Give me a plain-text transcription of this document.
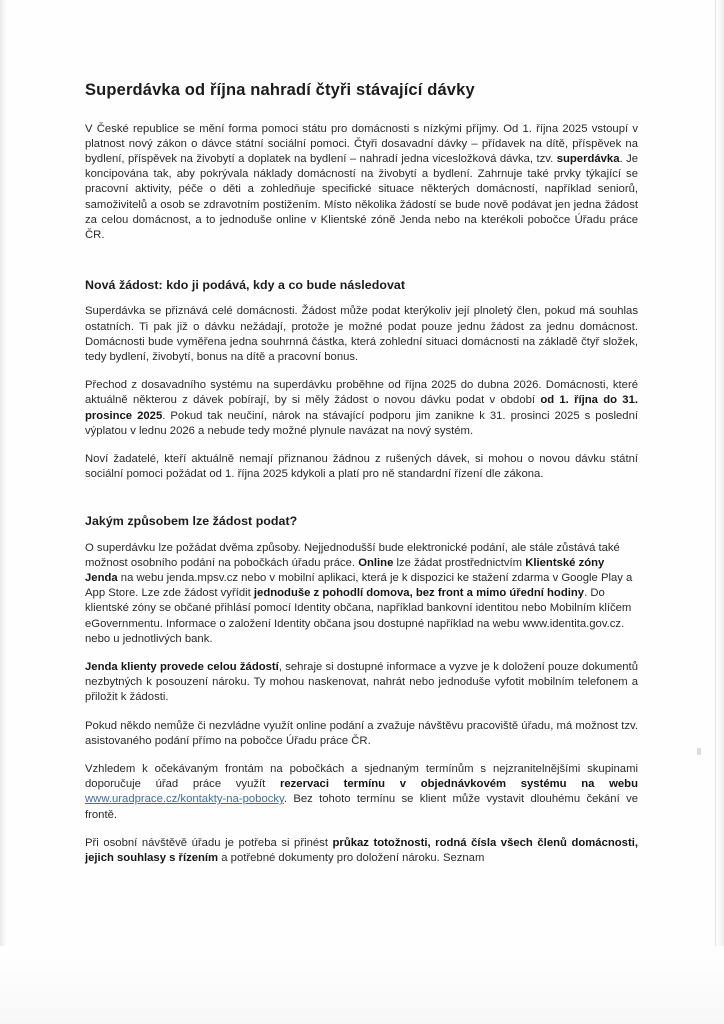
Superdávka od října nahradí čtyři stávající dávky

V České republice se mění forma pomoci státu pro domácnosti s nízkými příjmy. Od 1. října 2025 vstoupí v platnost nový zákon o dávce státní sociální pomoci. Čtyři dosavadní dávky – přídavek na dítě, příspěvek na bydlení, příspěvek na živobytí a doplatek na bydlení – nahradí jedna vicesložková dávka, tzv. superdávka. Je koncipována tak, aby pokrývala náklady domácností na živobytí a bydlení. Zahrnuje také prvky týkající se pracovní aktivity, péče o děti a zohledňuje specifické situace některých domácností, například seniorů, samoživitelů a osob se zdravotním postižením. Místo několika žádostí se bude nově podávat jen jedna žádost za celou domácnost, a to jednoduše online v Klientské zóně Jenda nebo na kterékoli pobočce Úřadu práce ČR.

Nová žádost: kdo ji podává, kdy a co bude následovat

Superdávka se přiznává celé domácnosti. Žádost může podat kterýkoliv její plnoletý člen, pokud má souhlas ostatních. Ti pak již o dávku nežádají, protože je možné podat pouze jednu žádost za jednu domácnost. Domácnosti bude vyměřena jedna souhrnná částka, která zohlední situaci domácnosti na základě čtyř složek, tedy bydlení, živobytí, bonus na dítě a pracovní bonus.

Přechod z dosavadního systému na superdávku proběhne od října 2025 do dubna 2026. Domácnosti, které aktuálně některou z dávek pobírají, by si měly žádost o novou dávku podat v období od 1. října do 31. prosince 2025. Pokud tak neučiní, nárok na stávající podporu jim zanikne k 31. prosinci 2025 s poslední výplatou v lednu 2026 a nebude tedy možné plynule navázat na nový systém.

Noví žadatelé, kteří aktuálně nemají přiznanou žádnou z rušených dávek, si mohou o novou dávku státní sociální pomoci požádat od 1. října 2025 kdykoli a platí pro ně standardní řízení dle zákona.

Jakým způsobem lze žádost podat?

O superdávku lze požádat dvěma způsoby. Nejjednodušší bude elektronické podání, ale stále zůstává také možnost osobního podání na pobočkách úřadu práce. Online lze žádat prostřednictvím Klientské zóny Jenda na webu jenda.mpsv.cz nebo v mobilní aplikaci, která je k dispozici ke stažení zdarma v Google Play a App Store. Lze zde žádost vyřídit jednoduše z pohodlí domova, bez front a mimo úřední hodiny. Do klientské zóny se občané přihlásí pomocí Identity občana, například bankovní identitou nebo Mobilním klíčem eGovernmentu. Informace o založení Identity občana jsou dostupné například na webu www.identita.gov.cz. nebo u jednotlivých bank.

Jenda klienty provede celou žádostí, sehraje si dostupné informace a vyzve je k doložení pouze dokumentů nezbytných k posouzení nároku. Ty mohou naskenovat, nahrát nebo jednoduše vyfotit mobilním telefonem a přiložit k žádosti.

Pokud někdo nemůže či nezvládne využít online podání a zvažuje návštěvu pracoviště úřadu, má možnost tzv. asistovaného podání přímo na pobočce Úřadu práce ČR.

Vzhledem k očekávaným frontám na pobočkách a sjednaným termínům s nejzranitelnějšími skupinami doporučuje úřad práce využít rezervaci termínu v objednávkovém systému na webu www.uradprace.cz/kontakty-na-pobocky. Bez tohoto termínu se klient může vystavit dlouhému čekání ve frontě.

Při osobní návštěvě úřadu je potřeba si přinést průkaz totožnosti, rodná čísla všech členů domácnosti, jejich souhlasy s řízením a potřebné dokumenty pro doložení nároku. Seznam
